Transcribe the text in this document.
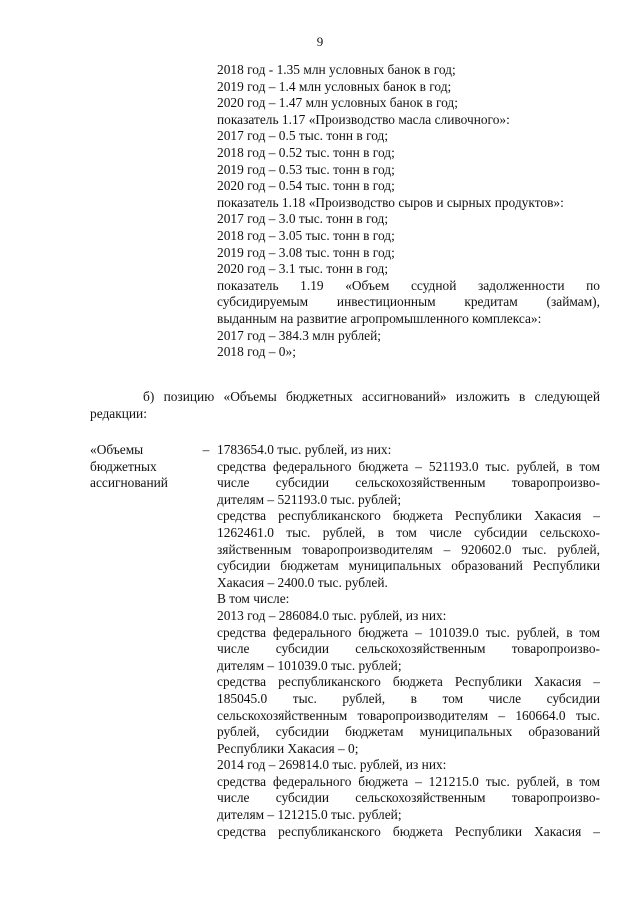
9
2018 год - 1.35 млн условных банок в год;
2019 год – 1.4 млн условных банок в год;
2020 год – 1.47 млн условных банок в год;
показатель 1.17 «Производство масла сливочного»:
2017 год – 0.5 тыс. тонн в год;
2018 год – 0.52 тыс. тонн в год;
2019 год – 0.53 тыс. тонн в год;
2020 год – 0.54 тыс. тонн в год;
показатель 1.18 «Производство сыров и сырных продуктов»:
2017 год – 3.0 тыс. тонн в год;
2018 год – 3.05 тыс. тонн в год;
2019 год – 3.08 тыс. тонн в год;
2020 год – 3.1 тыс. тонн в год;
показатель 1.19 «Объем ссудной задолженности по
субсидируемым инвестиционным кредитам (займам),
выданным на развитие агропромышленного комплекса»:
2017 год – 384.3 млн рублей;
2018 год – 0»;
б) позицию «Объемы бюджетных ассигнований» изложить в следующей
редакции:
«Объемы
бюджетных
ассигнований
– 1783654.0 тыс. рублей, из них:
средства федерального бюджета – 521193.0 тыс. рублей, в том
числе субсидии сельскохозяйственным товаропроизво-
дителям – 521193.0 тыс. рублей;
средства республиканского бюджета Республики Хакасия –
1262461.0 тыс. рублей, в том числе субсидии сельскохо-
зяйственным товаропроизводителям – 920602.0 тыс. рублей,
субсидии бюджетам муниципальных образований Республики
Хакасия – 2400.0 тыс. рублей.
В том числе:
2013 год – 286084.0 тыс. рублей, из них:
средства федерального бюджета – 101039.0 тыс. рублей, в том
числе субсидии сельскохозяйственным товаропроизво-
дителям – 101039.0 тыс. рублей;
средства республиканского бюджета Республики Хакасия –
185045.0 тыс. рублей, в том числе субсидии
сельскохозяйственным товаропроизводителям – 160664.0 тыс.
рублей, субсидии бюджетам муниципальных образований
Республики Хакасия – 0;
2014 год – 269814.0 тыс. рублей, из них:
средства федерального бюджета – 121215.0 тыс. рублей, в том
числе субсидии сельскохозяйственным товаропроизво-
дителям – 121215.0 тыс. рублей;
средства республиканского бюджета Республики Хакасия –
